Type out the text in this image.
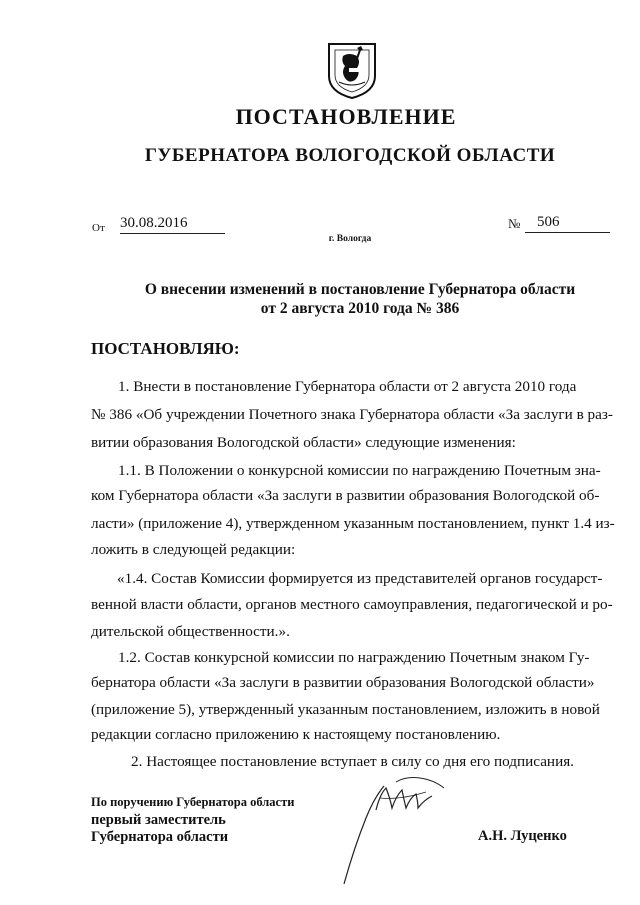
ПОСТАНОВЛЕНИЕ
ГУБЕРНАТОРА ВОЛОГОДСКОЙ ОБЛАСТИ
От 30.08.2016	№	506
г. Вологда
О внесении изменений в постановление Губернатора области
от 2 августа 2010 года № 386
ПОСТАНОВЛЯЮ:
1. Внести в постановление Губернатора области от 2 августа 2010 года
№ 386 «Об учреждении Почетного знака Губернатора области «За заслуги в раз-
витии образования Вологодской области» следующие изменения:
1.1. В Положении о конкурсной комиссии по награждению Почетным зна-
ком Губернатора области «За заслуги в развитии образования Вологодской об-
ласти» (приложение 4), утвержденном указанным постановлением, пункт 1.4 из-
ложить в следующей редакции:
«1.4. Состав Комиссии формируется из представителей органов государст-
венной власти области, органов местного самоуправления, педагогической и ро-
дительской общественности.».
1.2. Состав конкурсной комиссии по награждению Почетным знаком Гу-
бернатора области «За заслуги в развитии образования Вологодской области»
(приложение 5), утвержденный указанным постановлением, изложить в новой
редакции согласно приложению к настоящему постановлению.
2. Настоящее постановление вступает в силу со дня его подписания.
По поручению Губернатора области
первый заместитель
Губернатора области	А.Н. Луценко
